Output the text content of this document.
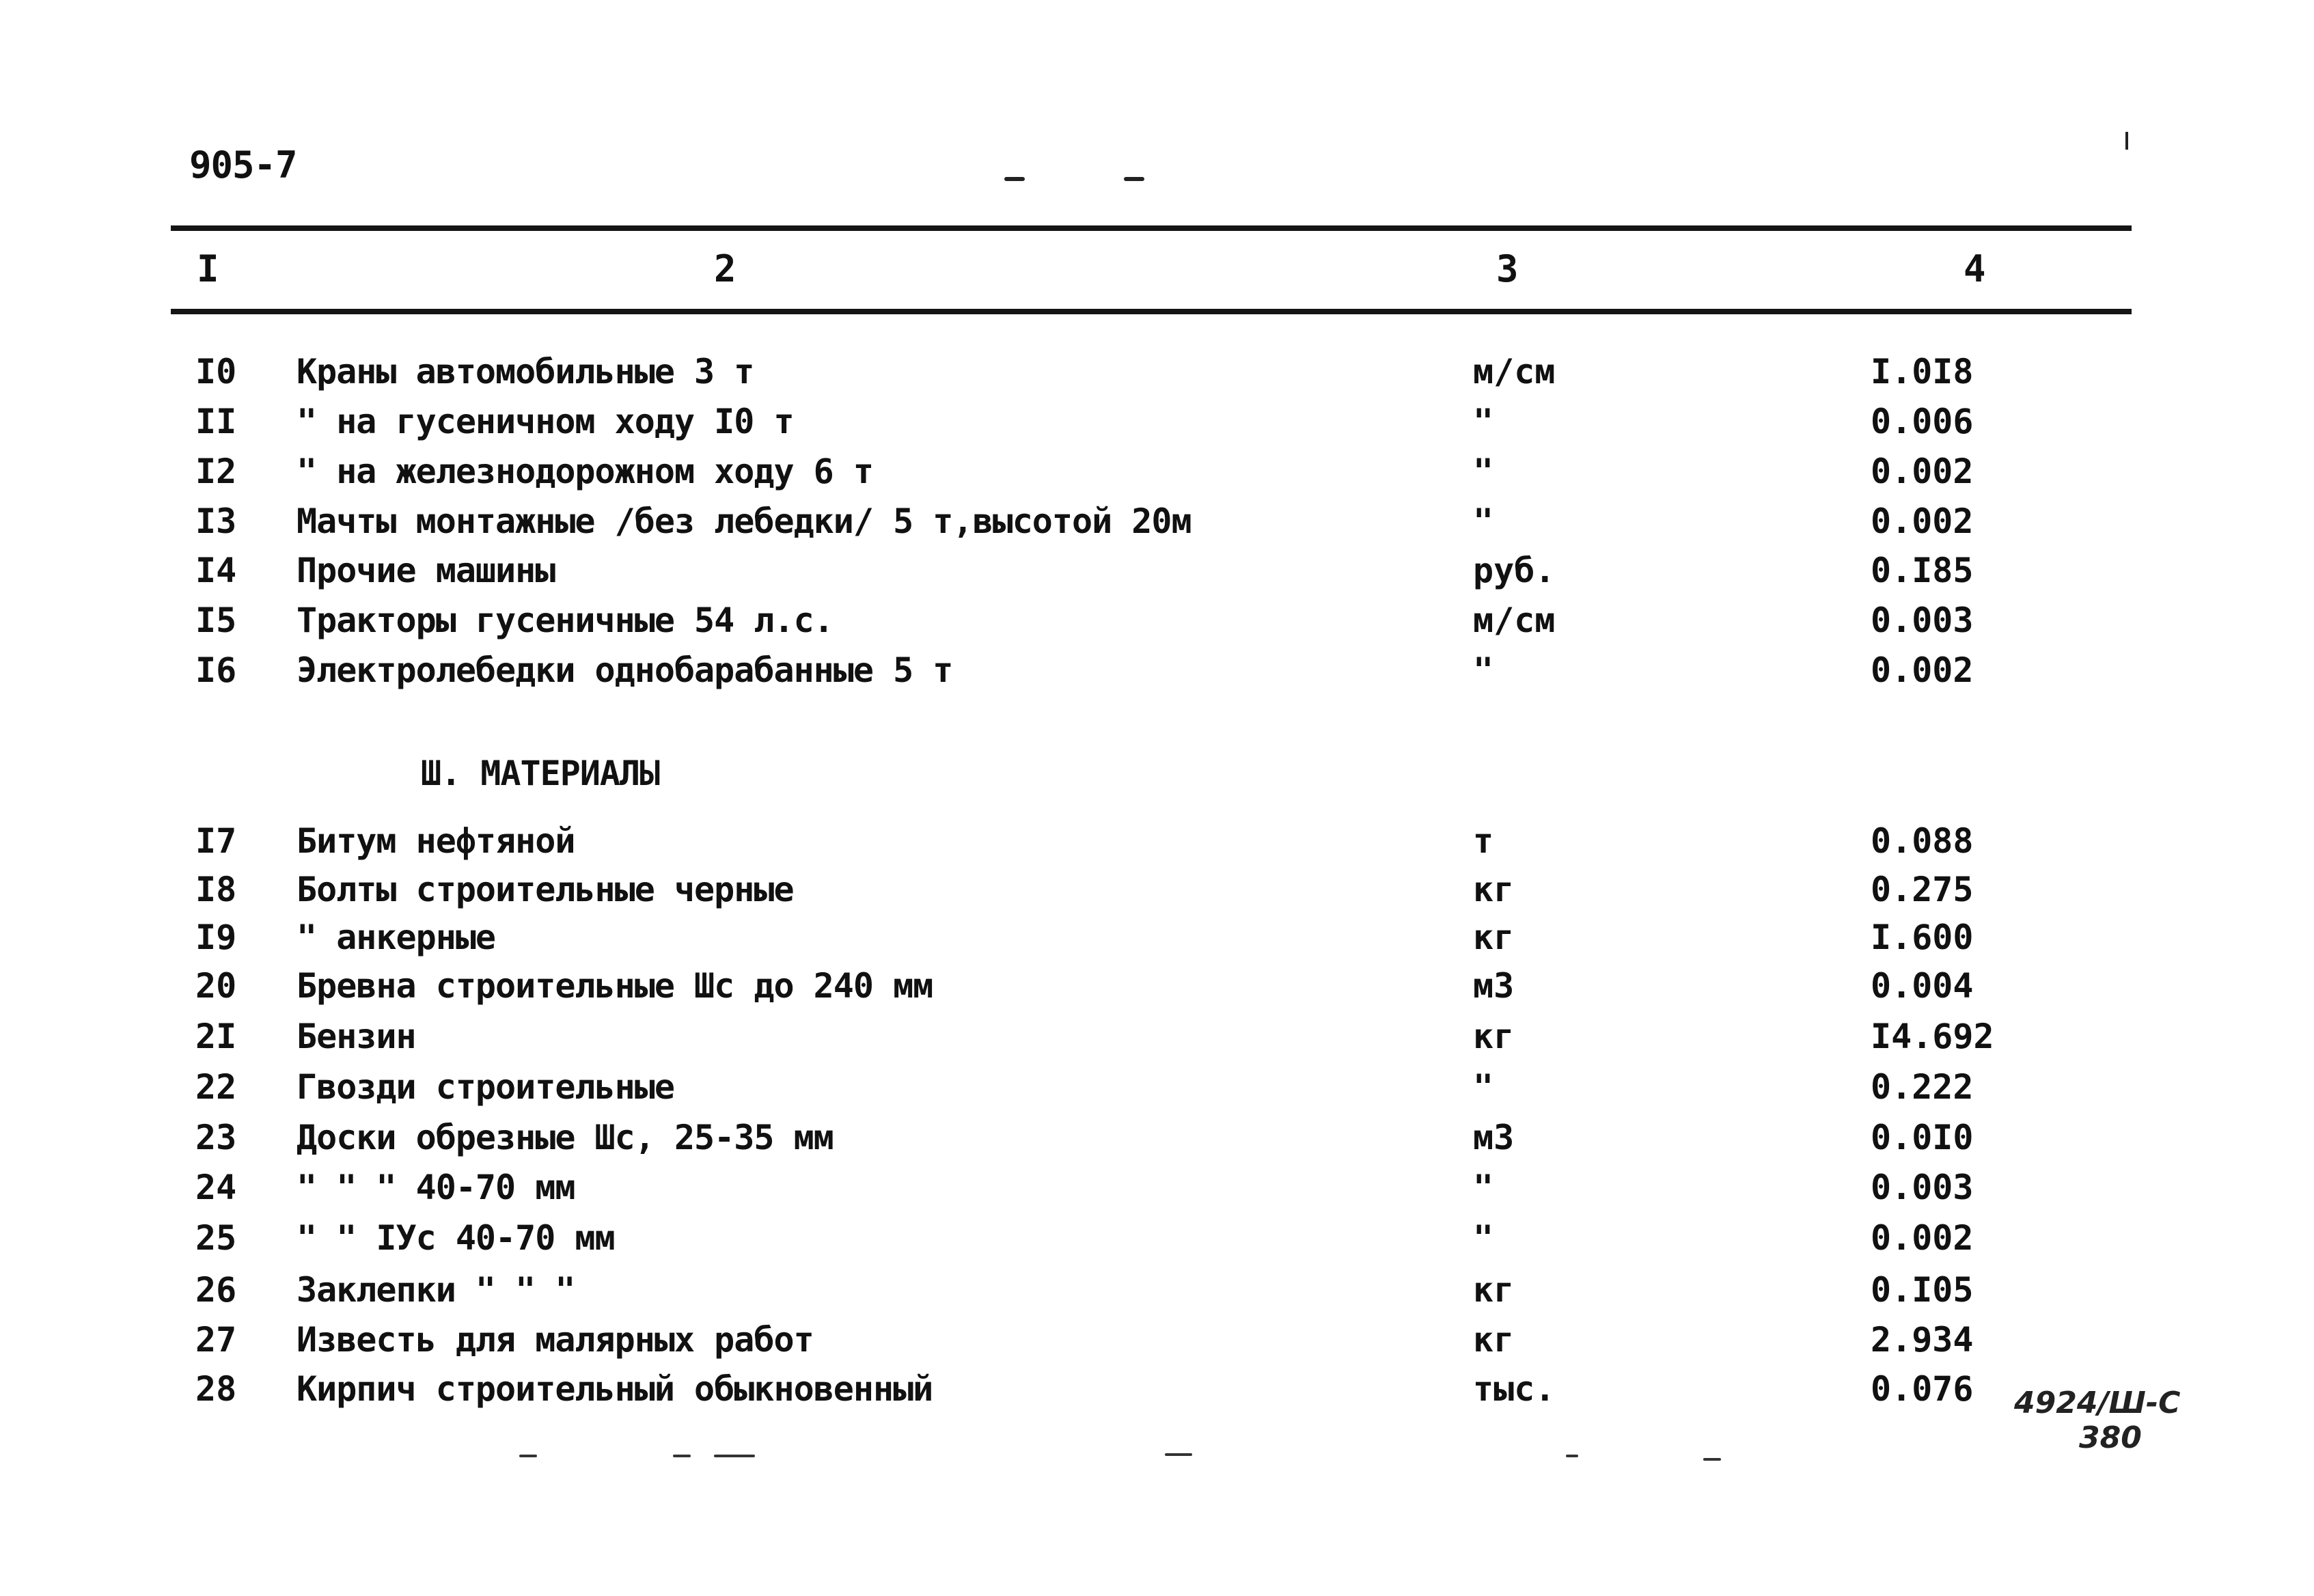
905-7
I	2	3	4
I0	Краны автомобильные 3 т	м/см	I.0I8
II	" на гусеничном ходу I0 т	"	0.006
I2	" на железнодорожном ходу 6 т	"	0.002
I3	Мачты монтажные /без лебедки/ 5 т,высотой 20м	"	0.002
I4	Прочие машины	руб.	0.I85
I5	Тракторы гусеничные 54 л.с.	м/см	0.003
I6	Электролебедки однобарабанные 5 т	"	0.002
Ш. МАТЕРИАЛЫ
I7	Битум нефтяной	т	0.088
I8	Болты строительные черные	кг	0.275
I9	" анкерные	кг	I.600
20	Бревна строительные Шс до 240 мм	м3	0.004
2I	Бензин	кг	I4.692
22	Гвозди строительные	"	0.222
23	Доски обрезные Шс, 25-35 мм	м3	0.0I0
24	" " " 40-70 мм	"	0.003
25	" " IУс 40-70 мм	"	0.002
26	Заклепки " " "	кг	0.I05
27	Известь для малярных работ	кг	2.934
28	Кирпич строительный обыкновенный	тыс.	0.076	4924/Ш-С
380
